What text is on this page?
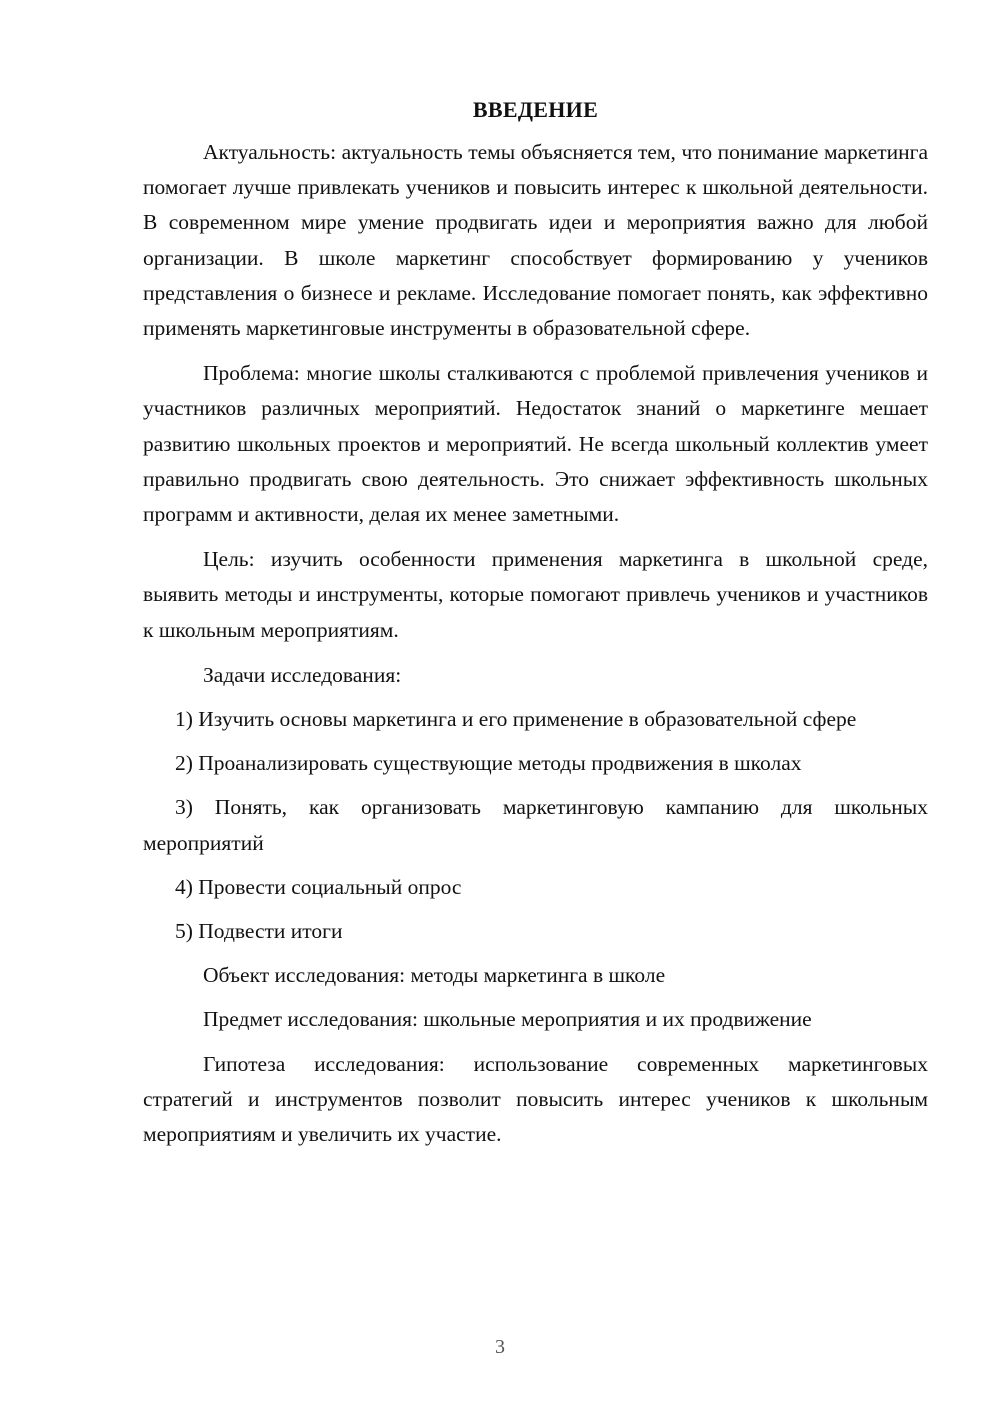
ВВЕДЕНИЕ

Актуальность: актуальность темы объясняется тем, что понимание маркетинга помогает лучше привлекать учеников и повысить интерес к школьной деятельности. В современном мире умение продвигать идеи и мероприятия важно для любой организации. В школе маркетинг способствует формированию у учеников представления о бизнесе и рекламе. Исследование помогает понять, как эффективно применять маркетинговые инструменты в образовательной сфере.

Проблема: многие школы сталкиваются с проблемой привлечения учеников и участников различных мероприятий. Недостаток знаний о маркетинге мешает развитию школьных проектов и мероприятий. Не всегда школьный коллектив умеет правильно продвигать свою деятельность. Это снижает эффективность школьных программ и активности, делая их менее заметными.

Цель: изучить особенности применения маркетинга в школьной среде, выявить методы и инструменты, которые помогают привлечь учеников и участников к школьным мероприятиям.

Задачи исследования:

1) Изучить основы маркетинга и его применение в образовательной сфере

2) Проанализировать существующие методы продвижения в школах

3) Понять, как организовать маркетинговую кампанию для школьных мероприятий

4) Провести социальный опрос

5) Подвести итоги

Объект исследования: методы маркетинга в школе

Предмет исследования: школьные мероприятия и их продвижение

Гипотеза исследования: использование современных маркетинговых стратегий и инструментов позволит повысить интерес учеников к школьным мероприятиям и увеличить их участие.

3
